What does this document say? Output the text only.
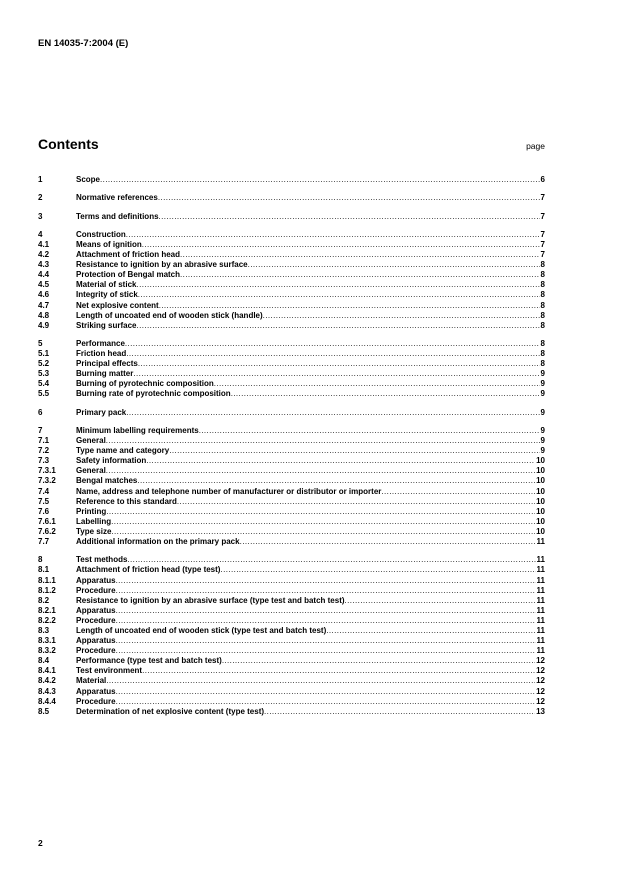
EN 14035-7:2004 (E)
Contents	page
1	Scope .....	6
2	Normative references .....	7
3	Terms and definitions .....	7
4	Construction .....	7
4.1	Means of ignition .....	7
4.2	Attachment of friction head .....	7
4.3	Resistance to ignition by an abrasive surface .....	8
4.4	Protection of Bengal match .....	8
4.5	Material of stick .....	8
4.6	Integrity of stick .....	8
4.7	Net explosive content .....	8
4.8	Length of uncoated end of wooden stick (handle) .....	8
4.9	Striking surface .....	8
5	Performance .....	8
5.1	Friction head .....	8
5.2	Principal effects .....	8
5.3	Burning matter .....	9
5.4	Burning of pyrotechnic composition .....	9
5.5	Burning rate of pyrotechnic composition .....	9
6	Primary pack .....	9
7	Minimum labelling requirements .....	9
7.1	General .....	9
7.2	Type name and category .....	9
7.3	Safety information .....	10
7.3.1	General .....	10
7.3.2	Bengal matches .....	10
7.4	Name, address and telephone number of manufacturer or distributor or importer .....	10
7.5	Reference to this standard .....	10
7.6	Printing .....	10
7.6.1	Labelling .....	10
7.6.2	Type size .....	10
7.7	Additional information on the primary pack .....	11
8	Test methods .....	11
8.1	Attachment of friction head (type test) .....	11
8.1.1	Apparatus .....	11
8.1.2	Procedure .....	11
8.2	Resistance to ignition by an abrasive surface (type test and batch test) .....	11
8.2.1	Apparatus .....	11
8.2.2	Procedure .....	11
8.3	Length of uncoated end of wooden stick (type test and batch test) .....	11
8.3.1	Apparatus .....	11
8.3.2	Procedure .....	11
8.4	Performance (type test and batch test) .....	12
8.4.1	Test environment .....	12
8.4.2	Material .....	12
8.4.3	Apparatus .....	12
8.4.4	Procedure .....	12
8.5	Determination of net explosive content (type test) .....	13
2
